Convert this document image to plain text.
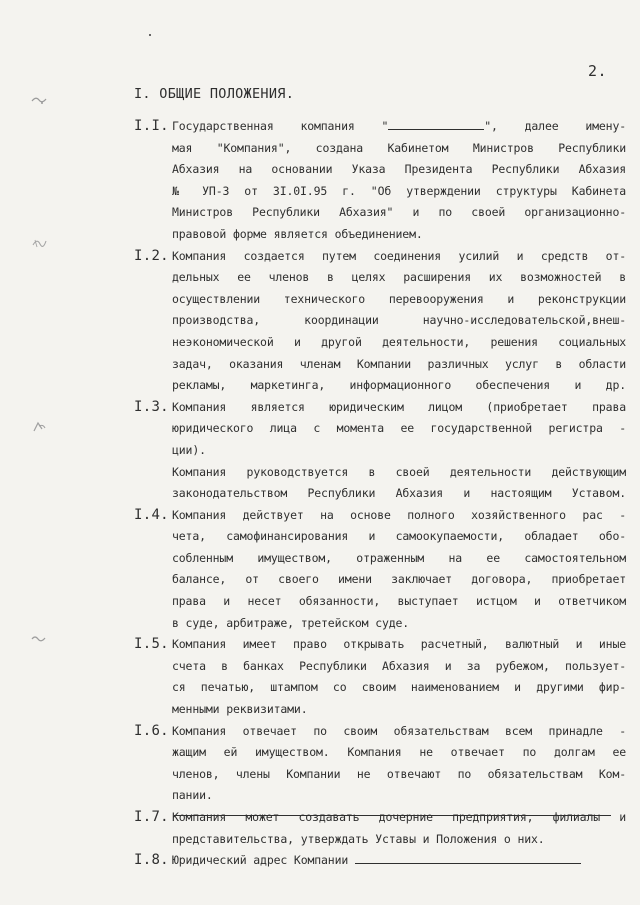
2.
I. ОБЩИЕ ПОЛОЖЕНИЯ.
I.I. Государственная компания "	", далее имену-
мая "Компания", создана Кабинетом Министров Республики
Абхазия на основании Указа Президента Республики Абхазия
№ УП-3 от 3I.0I.95 г. "Об утверждении структуры Кабинета
Министров Республики Абхазия" и по своей организационно-
правовой форме является объединением.
I.2. Компания создается путем соединения усилий и средств от-
дельных ее членов в целях расширения их возможностей в
осуществлении технического перевооружения и реконструкции
производства, координации научно-исследовательской,внеш-
неэкономической и другой деятельности, решения социальных
задач, оказания членам Компании различных услуг в области
рекламы, маркетинга, информационного обеспечения и др.
I.3. Компания является юридическим лицом (приобретает права
юридического лица с момента ее государственной регистра -
ции).
Компания руководствуется в своей деятельности действующим
законодательством Республики Абхазия и настоящим Уставом.
I.4. Компания действует на основе полного хозяйственного рас -
чета, самофинансирования и самоокупаемости, обладает обо-
собленным имуществом, отраженным на ее самостоятельном
балансе, от своего имени заключает договора, приобретает
права и несет обязанности, выступает истцом и ответчиком
в суде, арбитраже, третейском суде.
I.5. Компания имеет право открывать расчетный, валютный и иные
счета в банках Республики Абхазия и за рубежом, пользует-
ся печатью, штампом со своим наименованием и другими фир-
менными реквизитами.
I.6. Компания отвечает по своим обязательствам всем принадле -
жащим ей имуществом. Компания не отвечает по долгам ее
членов, члены Компании не отвечают по обязательствам Ком-
пании.
I.7. Компания может создавать дочерние предприятия, филиалы и
представительства, утверждать Уставы и Положения о них.
I.8. Юридический адрес Компании
